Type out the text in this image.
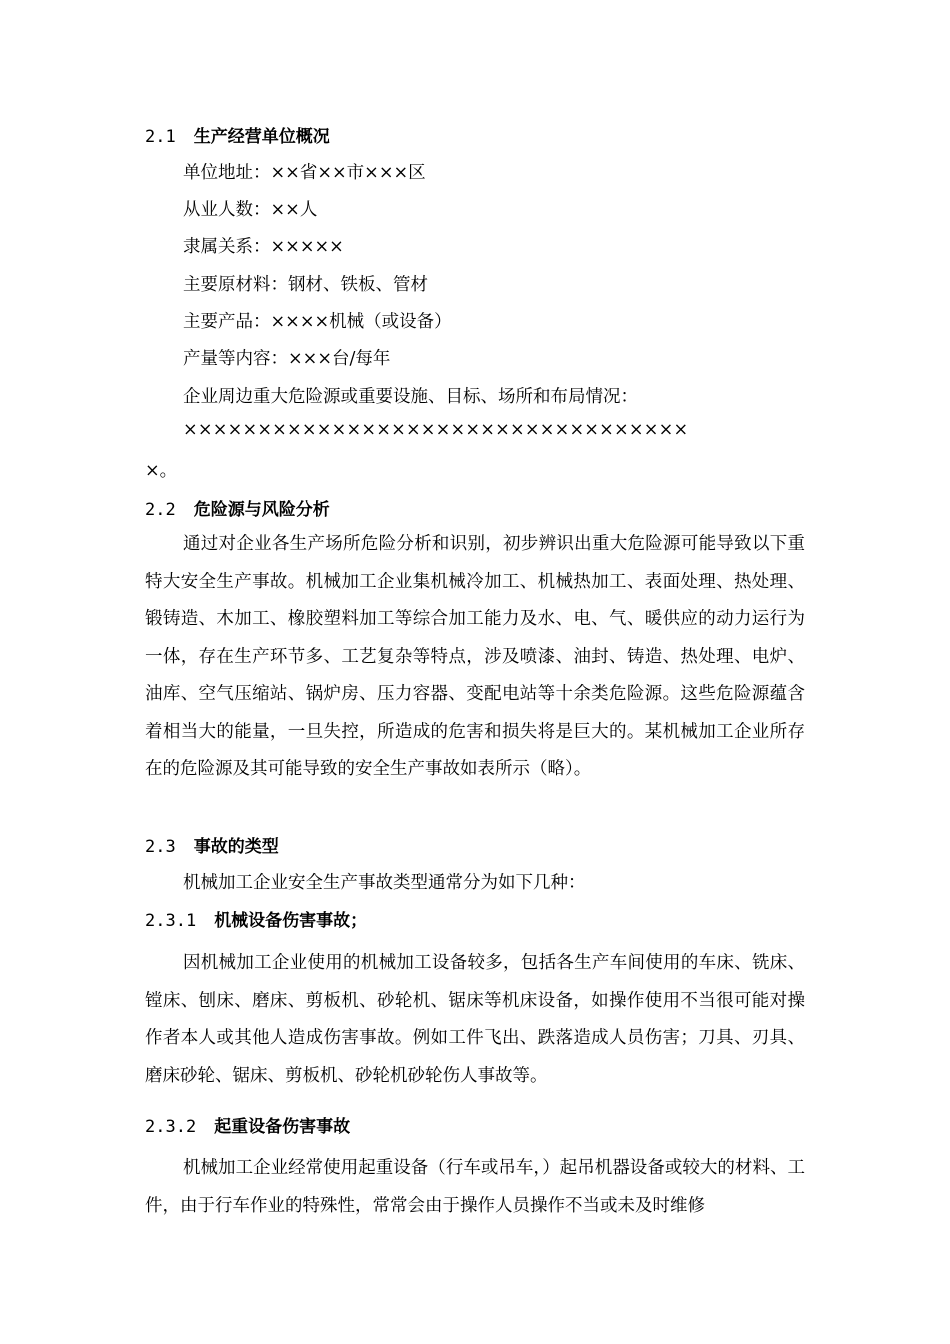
2.1 生产经营单位概况
单位地址：××省××市×××区
从业人数：××人
隶属关系：×××××
主要原材料：钢材、铁板、管材
主要产品：××××机械（或设备）
产量等内容：×××台/每年
企业周边重大危险源或重要设施、目标、场所和布局情况：
××××××××××××××××××××××××××××××××××
×。
2.2 危险源与风险分析

通过对企业各生产场所危险分析和识别，初步辨识出重大危险源可能导致以下重特大安全生产事故。机械加工企业集机械冷加工、机械热加工、表面处理、热处理、锻铸造、木加工、橡胶塑料加工等综合加工能力及水、电、气、暖供应的动力运行为一体，存在生产环节多、工艺复杂等特点，涉及喷漆、油封、铸造、热处理、电炉、油库、空气压缩站、锅炉房、压力容器、变配电站等十余类危险源。这些危险源蕴含着相当大的能量，一旦失控，所造成的危害和损失将是巨大的。某机械加工企业所存在的危险源及其可能导致的安全生产事故如表所示（略）。

2.3 事故的类型
机械加工企业安全生产事故类型通常分为如下几种：
2.3.1 机械设备伤害事故；

因机械加工企业使用的机械加工设备较多，包括各生产车间使用的车床、铣床、镗床、刨床、磨床、剪板机、砂轮机、锯床等机床设备，如操作使用不当很可能对操作者本人或其他人造成伤害事故。例如工件飞出、跌落造成人员伤害；刀具、刃具、磨床砂轮、锯床、剪板机、砂轮机砂轮伤人事故等。

2.3.2 起重设备伤害事故

机械加工企业经常使用起重设备（行车或吊车，）起吊机器设备或较大的材料、工件，由于行车作业的特殊性，常常会由于操作人员操作不当或未及时维修
